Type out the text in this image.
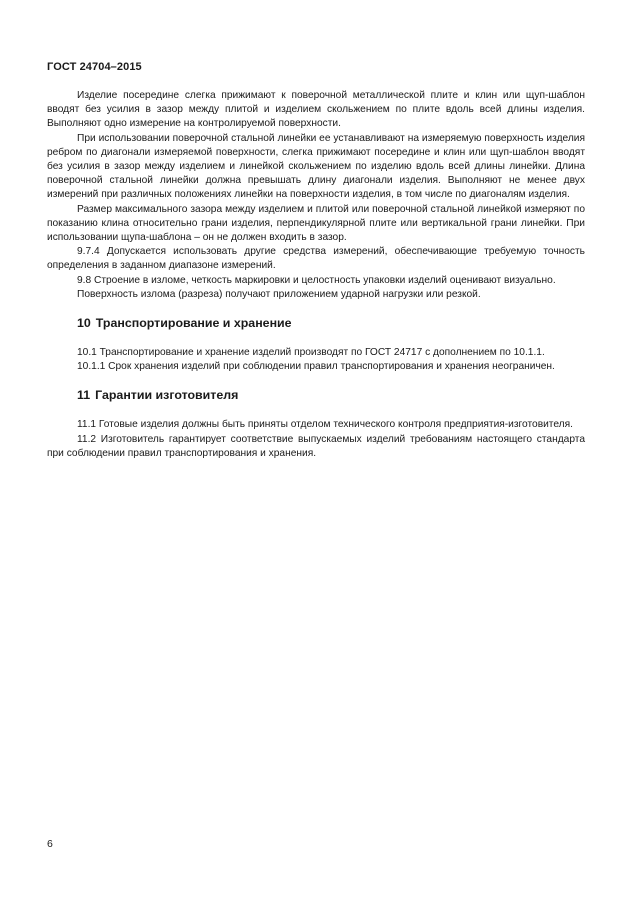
ГОСТ 24704–2015

Изделие посередине слегка прижимают к поверочной металлической плите и клин или щуп-шаблон вводят без усилия в зазор между плитой и изделием скольжением по плите вдоль всей длины изделия. Выполняют одно измерение на контролируемой поверхности.

При использовании поверочной стальной линейки ее устанавливают на измеряемую поверхность изделия ребром по диагонали измеряемой поверхности, слегка прижимают посередине и клин или щуп-шаблон вводят без усилия в зазор между изделием и линейкой скольжением по изделию вдоль всей длины линейки. Длина поверочной стальной линейки должна превышать длину диагонали изделия. Выполняют не менее двух измерений при различных положениях линейки на поверхности изделия, в том числе по диагоналям изделия.

Размер максимального зазора между изделием и плитой или поверочной стальной линейкой измеряют по показанию клина относительно грани изделия, перпендикулярной плите или вертикальной грани линейки. При использовании щупа-шаблона – он не должен входить в зазор.

9.7.4 Допускается использовать другие средства измерений, обеспечивающие требуемую точность определения в заданном диапазоне измерений.

9.8 Строение в изломе, четкость маркировки и целостность упаковки изделий оценивают визуально.

Поверхность излома (разреза) получают приложением ударной нагрузки или резкой.

10 Транспортирование и хранение

10.1 Транспортирование и хранение изделий производят по ГОСТ 24717 с дополнением по 10.1.1.

10.1.1 Срок хранения изделий при соблюдении правил транспортирования и хранения неограничен.

11 Гарантии изготовителя

11.1 Готовые изделия должны быть приняты отделом технического контроля предприятия-изготовителя.

11.2 Изготовитель гарантирует соответствие выпускаемых изделий требованиям настоящего стандарта при соблюдении правил транспортирования и хранения.

6
